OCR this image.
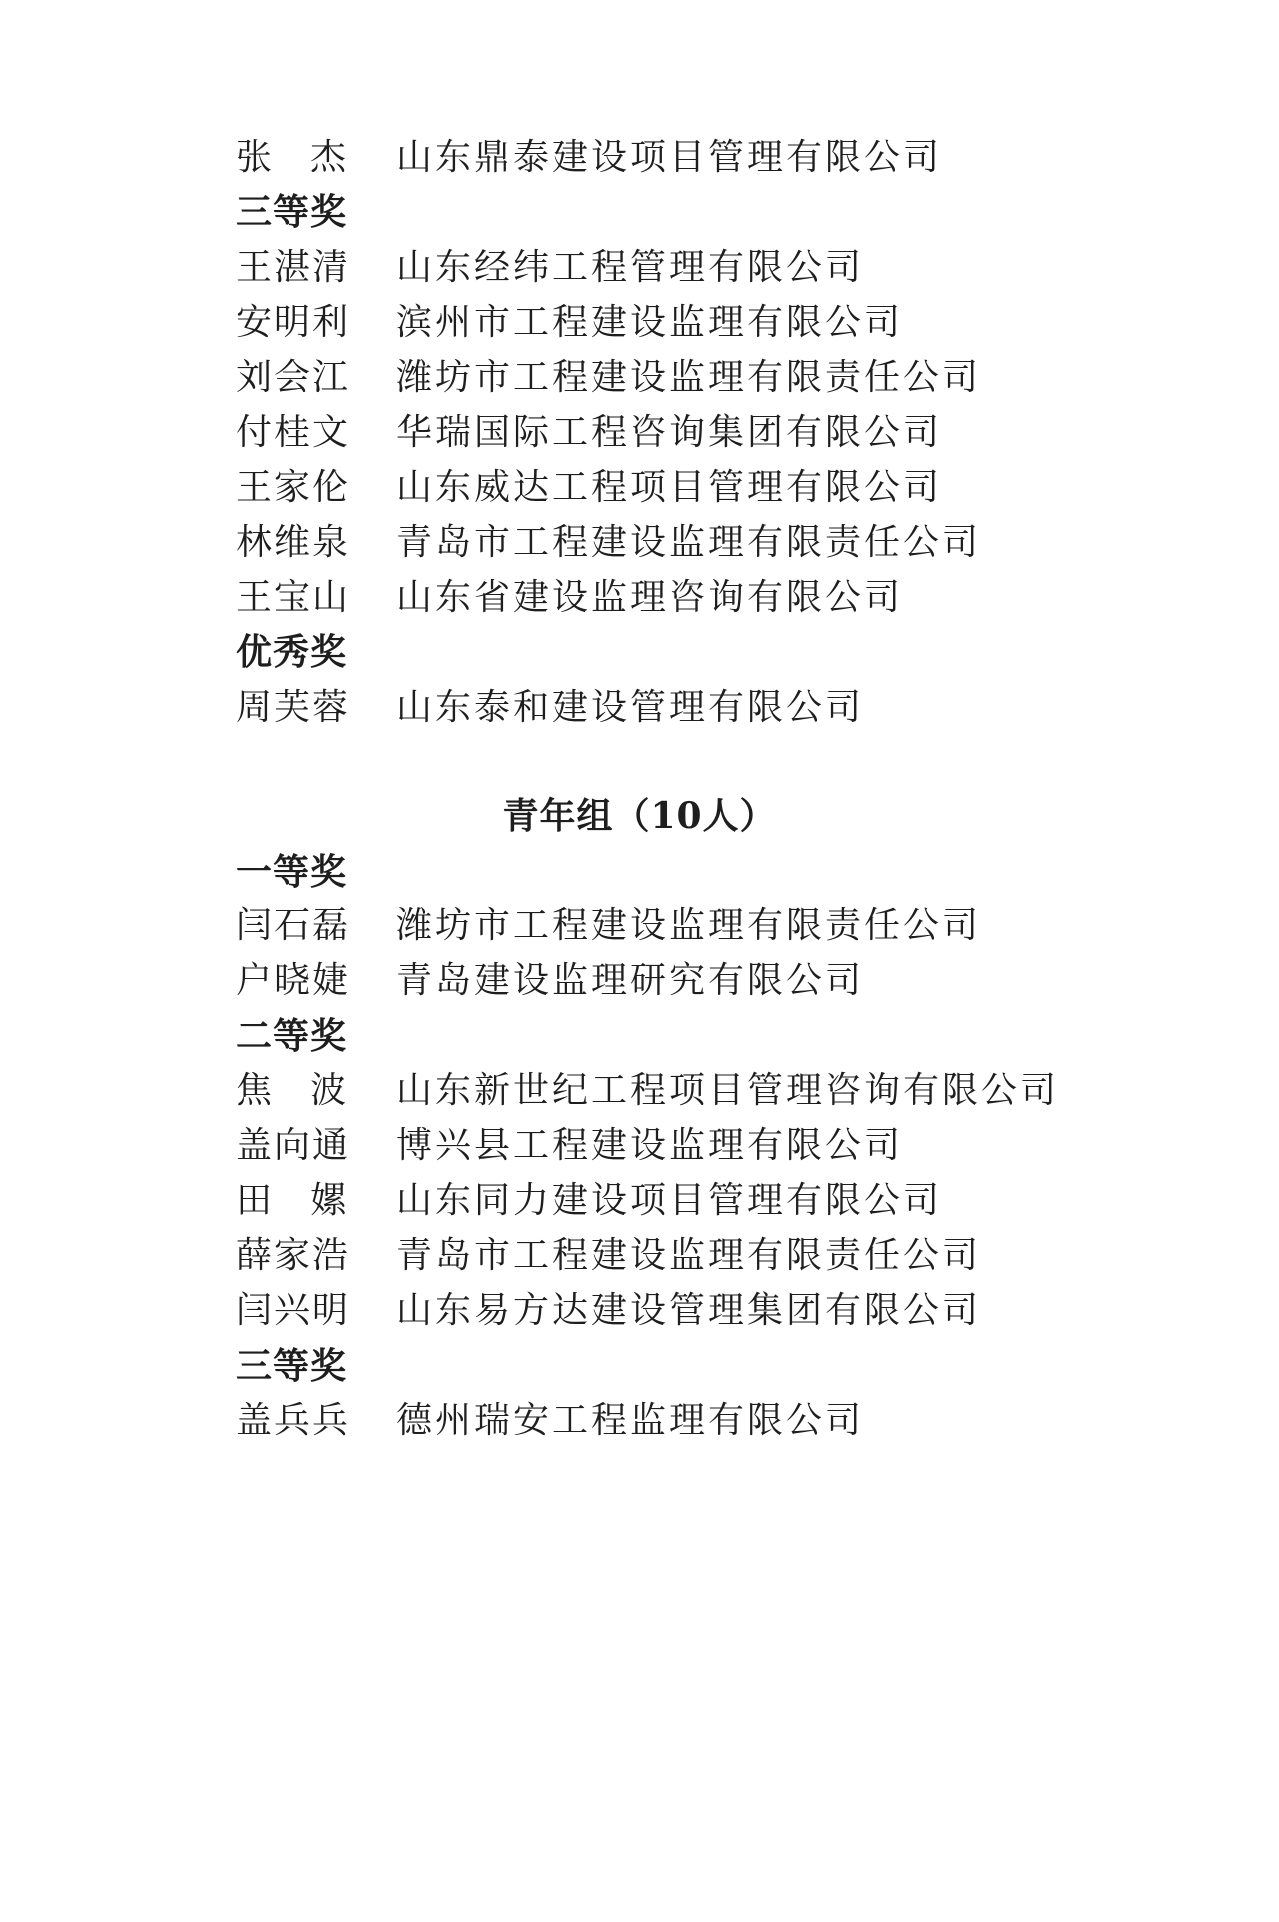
张 杰 山东鼎泰建设项目管理有限公司
三等奖
王湛清 山东经纬工程管理有限公司
安明利 滨州市工程建设监理有限公司
刘会江 潍坊市工程建设监理有限责任公司
付桂文 华瑞国际工程咨询集团有限公司
王家伦 山东威达工程项目管理有限公司
林维泉 青岛市工程建设监理有限责任公司
王宝山 山东省建设监理咨询有限公司
优秀奖
周芙蓉 山东泰和建设管理有限公司
青年组（10人）
一等奖
闫石磊 潍坊市工程建设监理有限责任公司
户晓婕 青岛建设监理研究有限公司
二等奖
焦 波 山东新世纪工程项目管理咨询有限公司
盖向通 博兴县工程建设监理有限公司
田 嫘 山东同力建设项目管理有限公司
薛家浩 青岛市工程建设监理有限责任公司
闫兴明 山东易方达建设管理集团有限公司
三等奖
盖兵兵 德州瑞安工程监理有限公司
